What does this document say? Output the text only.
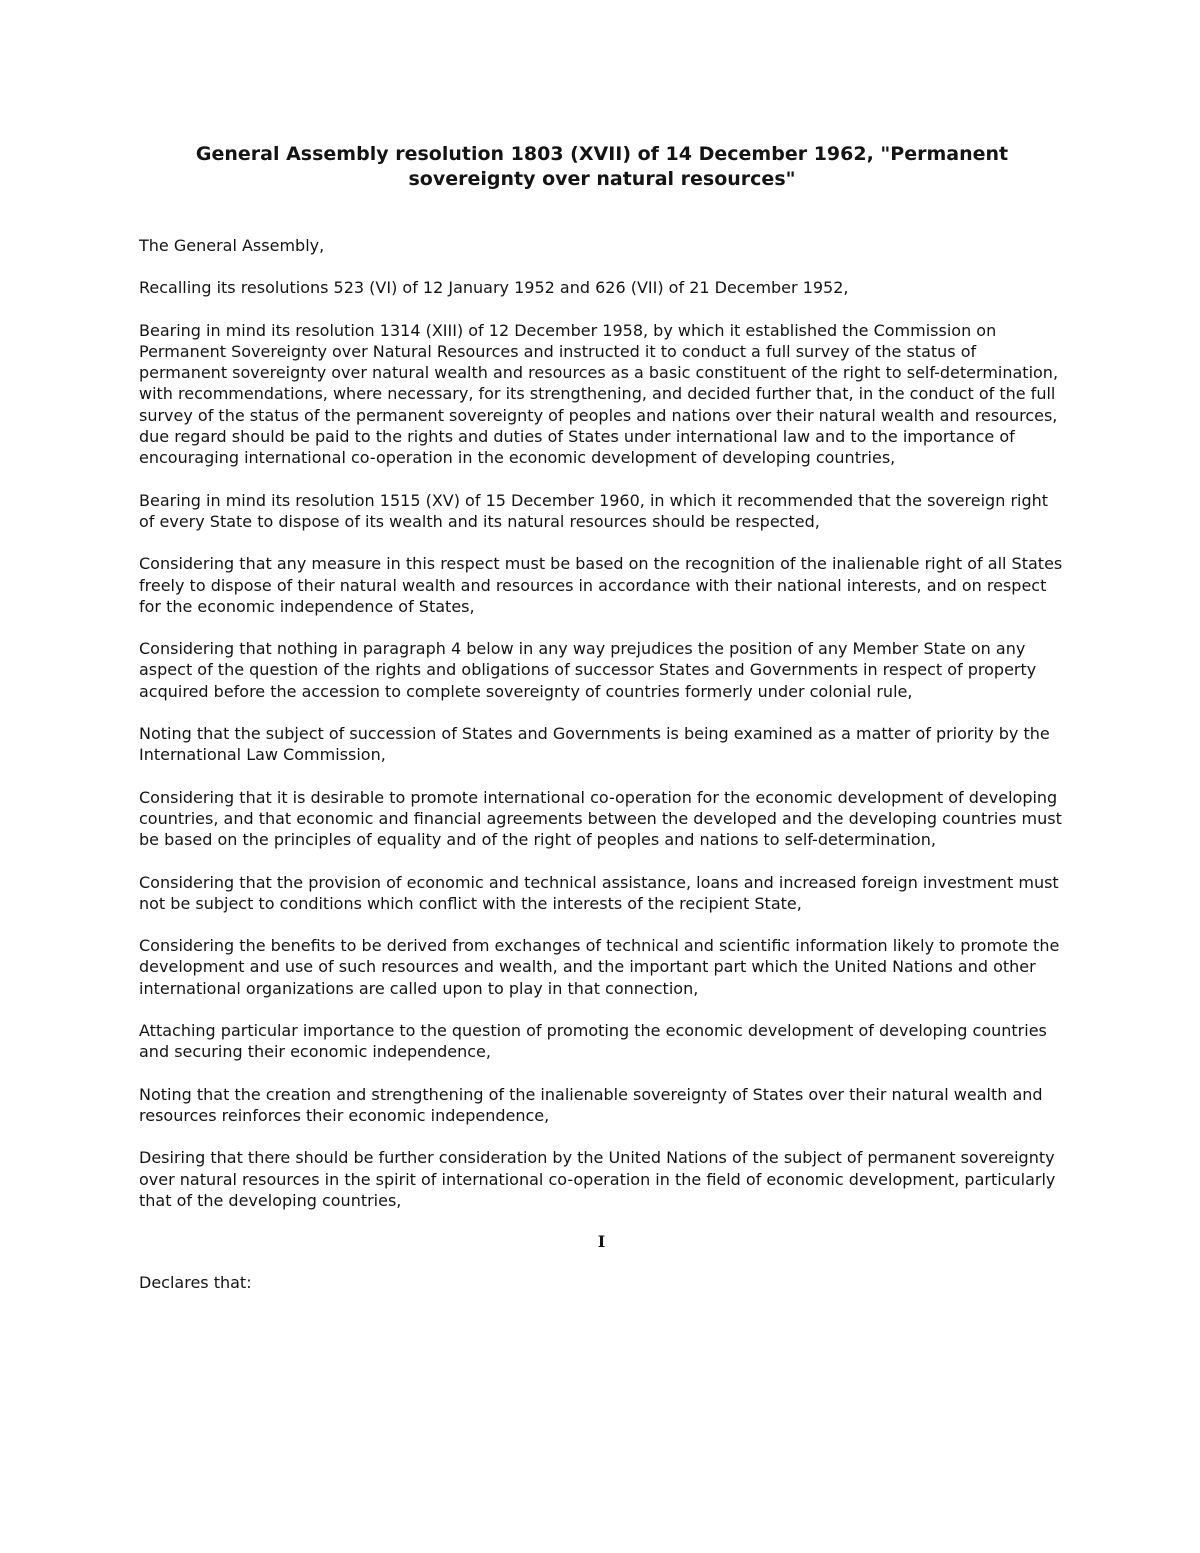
General Assembly resolution 1803 (XVII) of 14 December 1962, "Permanent sovereignty over natural resources"

The General Assembly,

Recalling its resolutions 523 (VI) of 12 January 1952 and 626 (VII) of 21 December 1952,

Bearing in mind its resolution 1314 (XIII) of 12 December 1958, by which it established the Commission on Permanent Sovereignty over Natural Resources and instructed it to conduct a full survey of the status of permanent sovereignty over natural wealth and resources as a basic constituent of the right to self-determination, with recommendations, where necessary, for its strengthening, and decided further that, in the conduct of the full survey of the status of the permanent sovereignty of peoples and nations over their natural wealth and resources, due regard should be paid to the rights and duties of States under international law and to the importance of encouraging international co-operation in the economic development of developing countries,

Bearing in mind its resolution 1515 (XV) of 15 December 1960, in which it recommended that the sovereign right of every State to dispose of its wealth and its natural resources should be respected,

Considering that any measure in this respect must be based on the recognition of the inalienable right of all States freely to dispose of their natural wealth and resources in accordance with their national interests, and on respect for the economic independence of States,

Considering that nothing in paragraph 4 below in any way prejudices the position of any Member State on any aspect of the question of the rights and obligations of successor States and Governments in respect of property acquired before the accession to complete sovereignty of countries formerly under colonial rule,

Noting that the subject of succession of States and Governments is being examined as a matter of priority by the International Law Commission,

Considering that it is desirable to promote international co-operation for the economic development of developing countries, and that economic and financial agreements between the developed and the developing countries must be based on the principles of equality and of the right of peoples and nations to self-determination,

Considering that the provision of economic and technical assistance, loans and increased foreign investment must not be subject to conditions which conflict with the interests of the recipient State,

Considering the benefits to be derived from exchanges of technical and scientific information likely to promote the development and use of such resources and wealth, and the important part which the United Nations and other international organizations are called upon to play in that connection,

Attaching particular importance to the question of promoting the economic development of developing countries and securing their economic independence,

Noting that the creation and strengthening of the inalienable sovereignty of States over their natural wealth and resources reinforces their economic independence,

Desiring that there should be further consideration by the United Nations of the subject of permanent sovereignty over natural resources in the spirit of international co-operation in the field of economic development, particularly that of the developing countries,

I

Declares that:
